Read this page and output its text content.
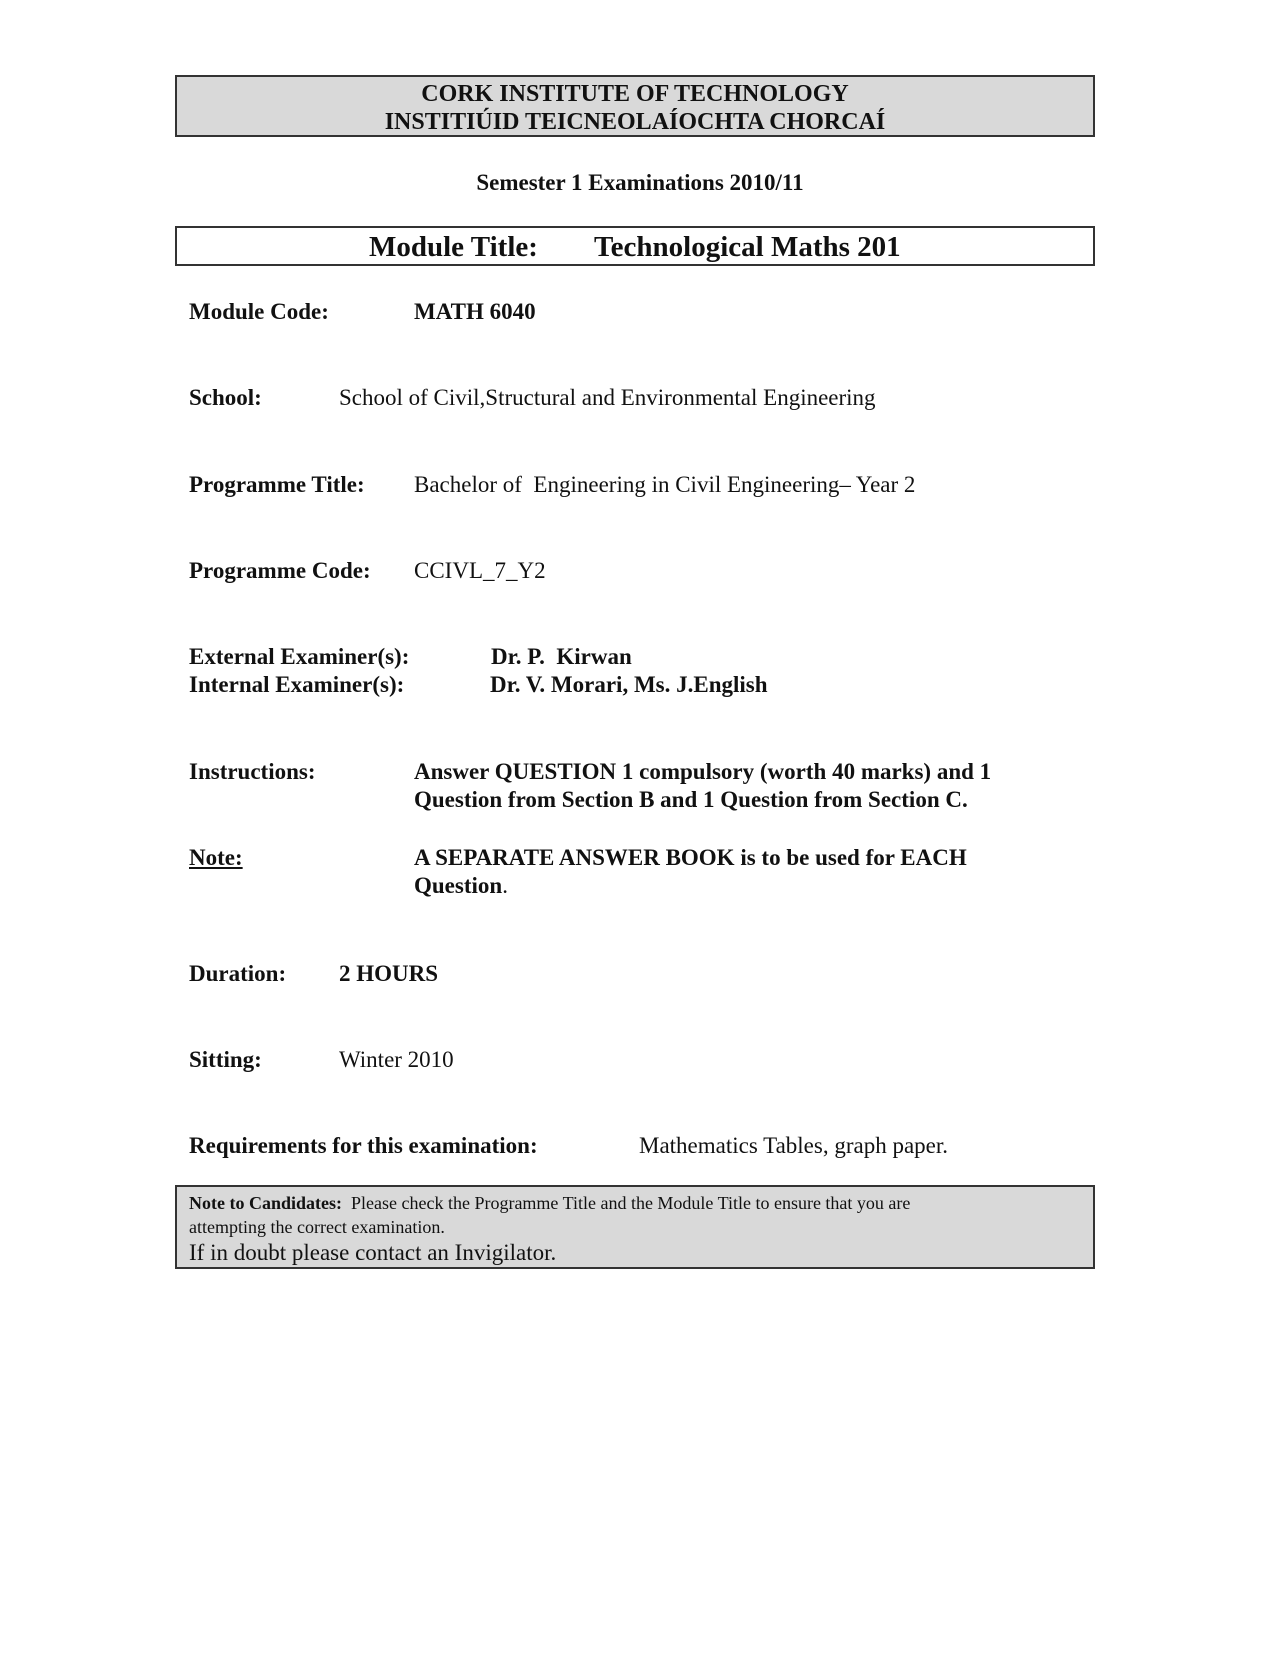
CORK INSTITUTE OF TECHNOLOGY
INSTITIÚID TEICNEOLAÍOCHTA CHORCAÍ
Semester 1 Examinations 2010/11
Module Title: Technological Maths 201
Module Code:	MATH 6040
School:	School of Civil,Structural and Environmental Engineering
Programme Title: Bachelor of  Engineering in Civil Engineering– Year 2
Programme Code: CCIVL_7_Y2
External Examiner(s):	Dr. P.  Kirwan
Internal Examiner(s):	Dr. V. Morari, Ms. J.English
Instructions:	Answer QUESTION 1 compulsory (worth 40 marks) and 1
Question from Section B and 1 Question from Section C.
Note:	A SEPARATE ANSWER BOOK is to be used for EACH
Question.
Duration: 2 HOURS
Sitting:	Winter 2010
Requirements for this examination:	Mathematics Tables, graph paper.
Note to Candidates: Please check the Programme Title and the Module Title to ensure that you are
attempting the correct examination.
If in doubt please contact an Invigilator.
